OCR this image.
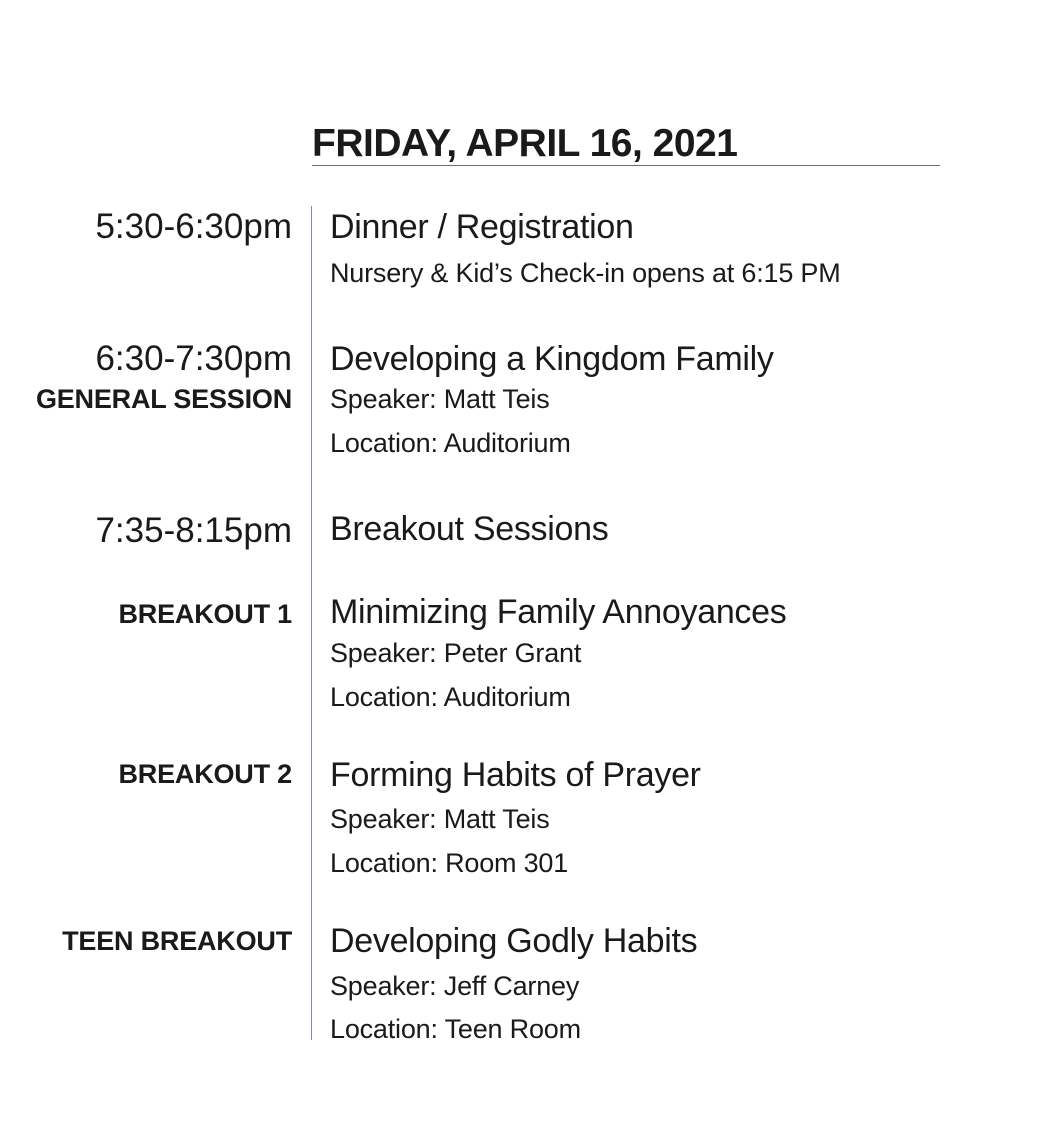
FRIDAY, APRIL 16, 2021
5:30-6:30pm Dinner / Registration
Nursery & Kid’s Check-in opens at 6:15 PM
6:30-7:30pm
GENERAL SESSION
Developing a Kingdom Family
Speaker: Matt Teis
Location: Auditorium
7:35-8:15pm Breakout Sessions
BREAKOUT 1 Minimizing Family Annoyances
Speaker: Peter Grant
Location: Auditorium
BREAKOUT 2 Forming Habits of Prayer
Speaker: Matt Teis
Location: Room 301
TEEN BREAKOUT Developing Godly Habits
Speaker: Jeff Carney
Location: Teen Room
